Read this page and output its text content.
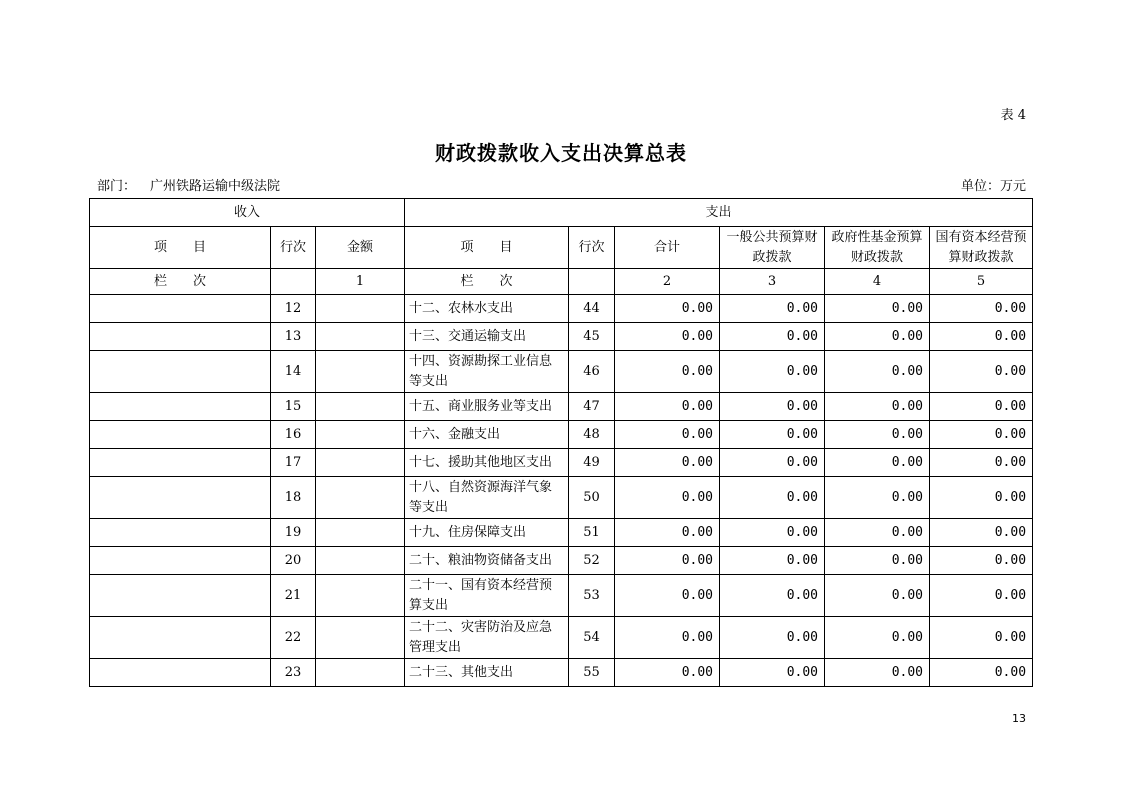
表 4
财政拨款收入支出决算总表
部门： 广州铁路运输中级法院	单位：万元
收入			支出					
项　　目	行次	金额	项　　目	行次	合计	一般公共预算财政拨款	政府性基金预算财政拨款	国有资本经营预算财政拨款
栏　　次		1	栏　　次		2	3	4	5
	12		十二、农林水支出	44	0.00	0.00	0.00	0.00
	13		十三、交通运输支出	45	0.00	0.00	0.00	0.00
	14		十四、资源勘探工业信息等支出	46	0.00	0.00	0.00	0.00
	15		十五、商业服务业等支出	47	0.00	0.00	0.00	0.00
	16		十六、金融支出	48	0.00	0.00	0.00	0.00
	17		十七、援助其他地区支出	49	0.00	0.00	0.00	0.00
	18		十八、自然资源海洋气象等支出	50	0.00	0.00	0.00	0.00
	19		十九、住房保障支出	51	0.00	0.00	0.00	0.00
	20		二十、粮油物资储备支出	52	0.00	0.00	0.00	0.00
	21		二十一、国有资本经营预算支出	53	0.00	0.00	0.00	0.00
	22		二十二、灾害防治及应急管理支出	54	0.00	0.00	0.00	0.00
	23		二十三、其他支出	55	0.00	0.00	0.00	0.00
13
